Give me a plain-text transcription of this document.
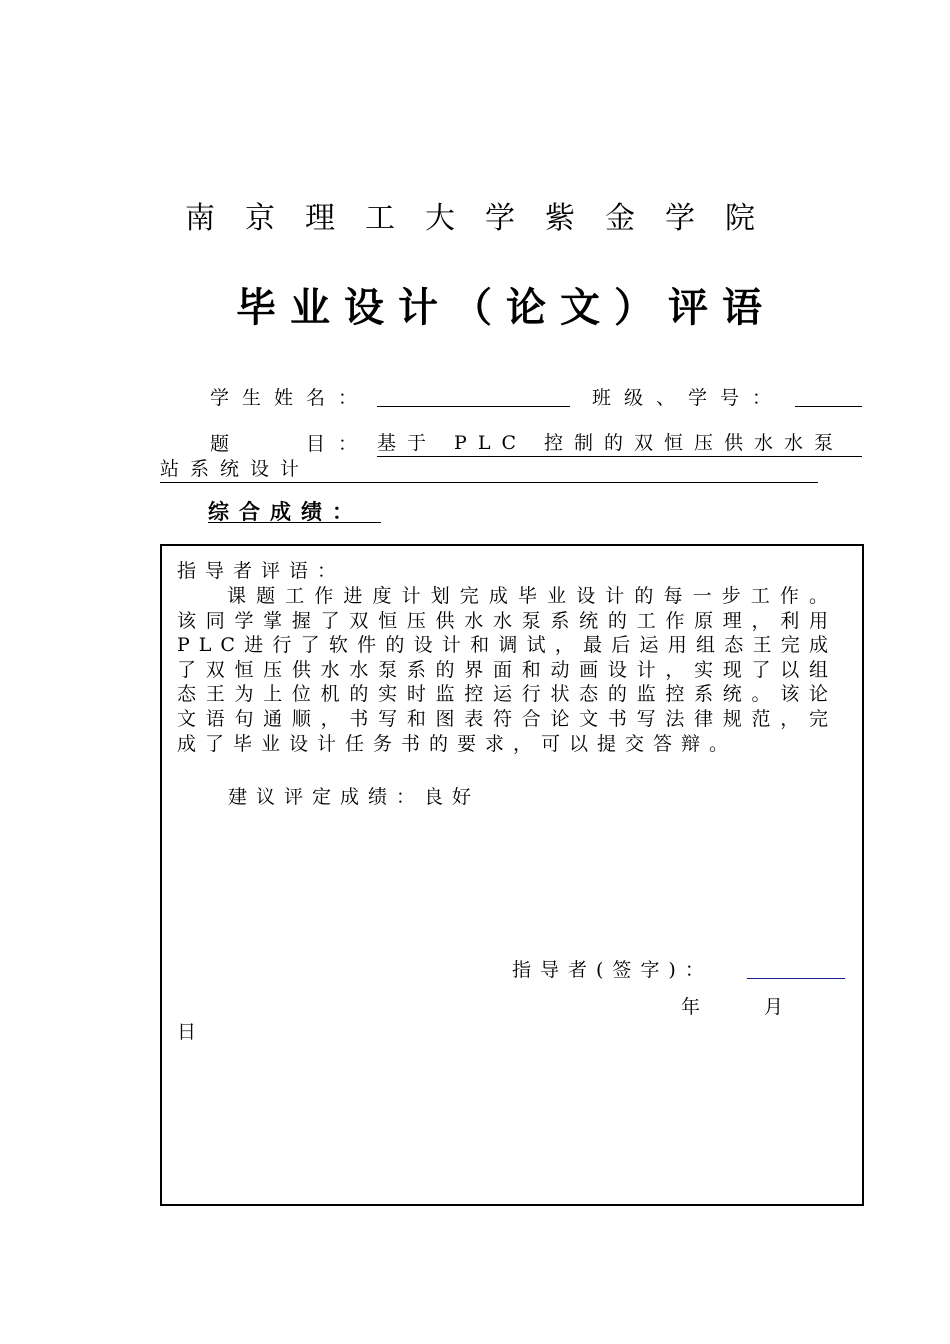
南京理工大学紫金学院
毕业设计（论文）评语
学生姓名：	班级、学号：
题　　目： 基于 PLC 控制的双恒压供水水泵
站系统设计
综合成绩：
指导者评语：
课题工作进度计划完成毕业设计的每一步工作。该同学掌握了双恒压供水水泵系统的工作原理，利用PLC进行了软件的设计和调试，最后运用组态王完成了双恒压供水水泵系的界面和动画设计，实现了以组态王为上位机的实时监控运行状态的监控系统。该论文语句通顺，书写和图表符合论文书写法律规范，完成了毕业设计任务书的要求，可以提交答辩。
建议评定成绩：良好
指导者(签字)：
年	月
日
